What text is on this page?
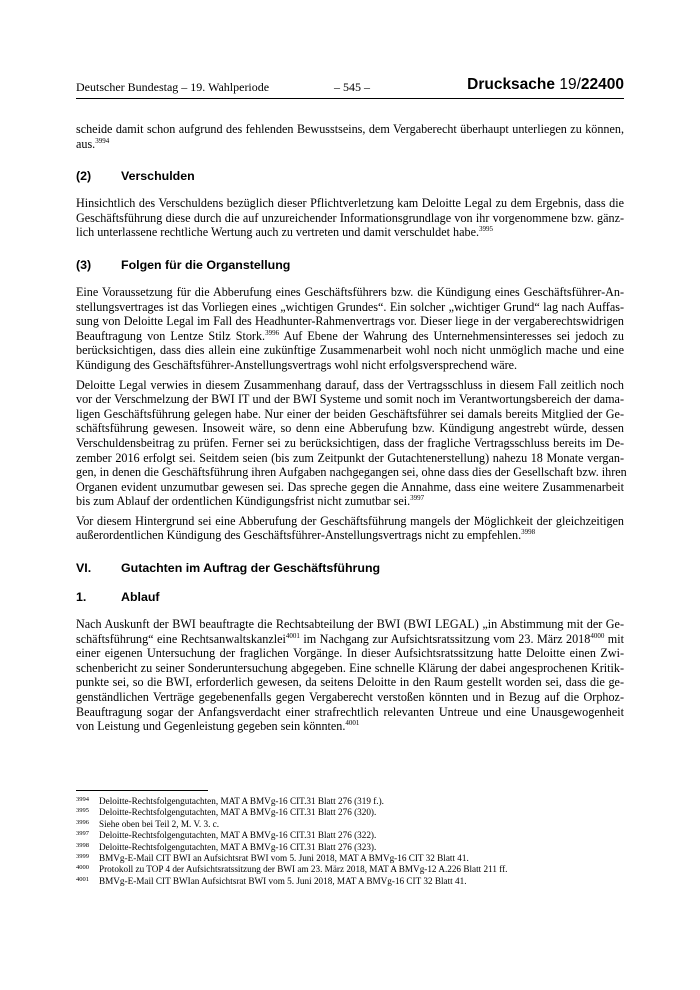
Deutscher Bundestag – 19. Wahlperiode	– 545 –	Drucksache 19/22400
scheide damit schon aufgrund des fehlenden Bewusstseins, dem Vergaberecht überhaupt unterliegen zu können,
aus.$^{3994}$
(2) Verschulden
Hinsichtlich des Verschuldens bezüglich dieser Pflichtverletzung kam Deloitte Legal zu dem Ergebnis, dass die
Geschäftsführung diese durch die auf unzureichender Informationsgrundlage von ihr vorgenommene bzw. gänz-
lich unterlassene rechtliche Wertung auch zu vertreten und damit verschuldet habe.$^{3995}$
(3) Folgen für die Organstellung
Eine Voraussetzung für die Abberufung eines Geschäftsführers bzw. die Kündigung eines Geschäftsführer-An-
stellungsvertrages ist das Vorliegen eines „wichtigen Grundes“. Ein solcher „wichtiger Grund“ lag nach Auffas-
sung von Deloitte Legal im Fall des Headhunter-Rahmenvertrags vor. Dieser liege in der vergaberechtswidrigen
Beauftragung von Lentze Stilz Stork.$^{3996}$ Auf Ebene der Wahrung des Unternehmensinteresses sei jedoch zu
berücksichtigen, dass dies allein eine zukünftige Zusammenarbeit wohl noch nicht unmöglich mache und eine
Kündigung des Geschäftsführer-Anstellungsvertrags wohl nicht erfolgsversprechend wäre.
Deloitte Legal verwies in diesem Zusammenhang darauf, dass der Vertragsschluss in diesem Fall zeitlich noch
vor der Verschmelzung der BWI IT und der BWI Systeme und somit noch im Verantwortungsbereich der dama-
ligen Geschäftsführung gelegen habe. Nur einer der beiden Geschäftsführer sei damals bereits Mitglied der Ge-
schäftsführung gewesen. Insoweit wäre, so denn eine Abberufung bzw. Kündigung angestrebt würde, dessen
Verschuldensbeitrag zu prüfen. Ferner sei zu berücksichtigen, dass der fragliche Vertragsschluss bereits im De-
zember 2016 erfolgt sei. Seitdem seien (bis zum Zeitpunkt der Gutachtenerstellung) nahezu 18 Monate vergan-
gen, in denen die Geschäftsführung ihren Aufgaben nachgegangen sei, ohne dass dies der Gesellschaft bzw. ihren
Organen evident unzumutbar gewesen sei. Das spreche gegen die Annahme, dass eine weitere Zusammenarbeit
bis zum Ablauf der ordentlichen Kündigungsfrist nicht zumutbar sei.$^{3997}$
Vor diesem Hintergrund sei eine Abberufung der Geschäftsführung mangels der Möglichkeit der gleichzeitigen
außerordentlichen Kündigung des Geschäftsführer-Anstellungsvertrags nicht zu empfehlen.$^{3998}$
VI. Gutachten im Auftrag der Geschäftsführung
1.	Ablauf
Nach Auskunft der BWI beauftragte die Rechtsabteilung der BWI (BWI LEGAL) „in Abstimmung mit der Ge-
schäftsführung“ eine Rechtsanwaltskanzlei$^{4001}$ im Nachgang zur Aufsichtsratssitzung vom 23. März $2018^{4000}$ mit
einer eigenen Untersuchung der fraglichen Vorgänge. In dieser Aufsichtsratssitzung hatte Deloitte einen Zwi-
schenbericht zu seiner Sonderuntersuchung abgegeben. Eine schnelle Klärung der dabei angesprochenen Kritik-
punkte sei, so die BWI, erforderlich gewesen, da seitens Deloitte in den Raum gestellt worden sei, dass die ge-
genständlichen Verträge gegebenenfalls gegen Vergaberecht verstoßen könnten und in Bezug auf die Orphoz-
Beauftragung sogar der Anfangsverdacht einer strafrechtlich relevanten Untreue und eine Unausgewogenheit
von Leistung und Gegenleistung gegeben sein könnten.$^{4001}$
3994 Deloitte-Rechtsfolgengutachten, MAT A BMVg-16 CIT.31 Blatt 276 (319 f.).
3995 Deloitte-Rechtsfolgengutachten, MAT A BMVg-16 CIT.31 Blatt 276 (320).
3996 Siehe oben bei Teil 2, M. V. 3. c.
3997 Deloitte-Rechtsfolgengutachten, MAT A BMVg-16 CIT.31 Blatt 276 (322).
3998 Deloitte-Rechtsfolgengutachten, MAT A BMVg-16 CIT.31 Blatt 276 (323).
3999 BMVg-E-Mail CIT BWI an Aufsichtsrat BWI vom 5. Juni 2018, MAT A BMVg-16 CIT 32 Blatt 41.
4000 Protokoll zu TOP 4 der Aufsichtsratssitzung der BWI am 23. März 2018, MAT A BMVg-12 A.226 Blatt 211 ff.
4001 BMVg-E-Mail CIT BWIan Aufsichtsrat BWI vom 5. Juni 2018, MAT A BMVg-16 CIT 32 Blatt 41.
